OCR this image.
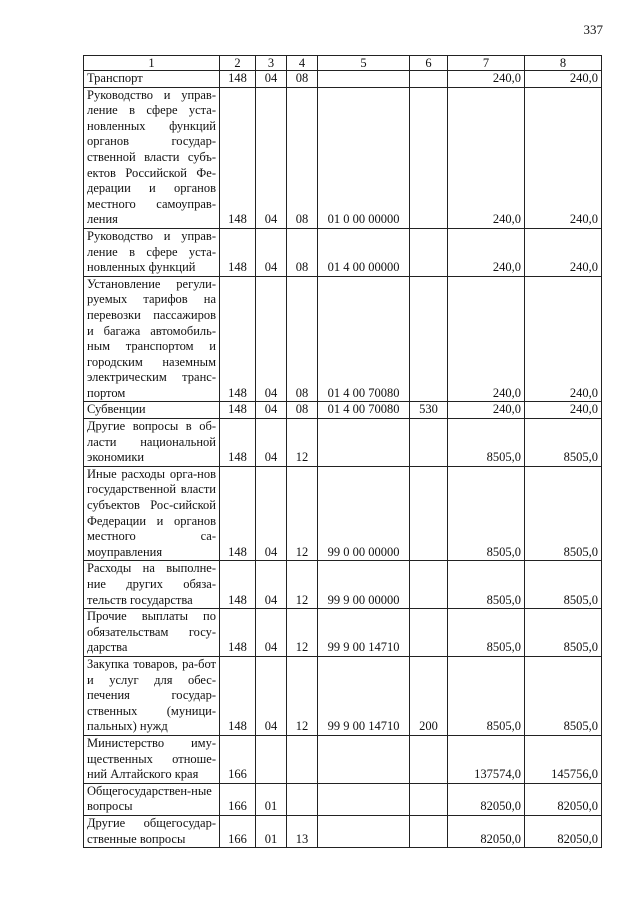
337
1	2	3	4	5	6	7	8
Транспорт	148	04	08			240,0	240,0
Руководство и управ-ление в сфере уста-новленных функций органов государ-ственной власти субъ-ектов Российской Фе-дерации и органов местного самоуправ-ления	148	04	08	01 0 00 00000		240,0	240,0
Руководство и управ-ление в сфере уста-новленных функций	148	04	08	01 4 00 00000		240,0	240,0
Установление регули-руемых тарифов на перевозки пассажиров и багажа автомобиль-ным транспортом и городским наземным электрическим транс-портом	148	04	08	01 4 00 70080		240,0	240,0
Субвенции	148	04	08	01 4 00 70080	530	240,0	240,0
Другие вопросы в об-ласти национальной экономики	148	04	12			8505,0	8505,0
Иные расходы орга-нов государственной власти субъектов Рос-сийской Федерации и органов местного са-моуправления	148	04	12	99 0 00 00000		8505,0	8505,0
Расходы на выполне-ние других обяза-тельств государства	148	04	12	99 9 00 00000		8505,0	8505,0
Прочие выплаты по обязательствам госу-дарства	148	04	12	99 9 00 14710		8505,0	8505,0
Закупка товаров, ра-бот и услуг для обес-печения государ-ственных (муници-пальных) нужд	148	04	12	99 9 00 14710	200	8505,0	8505,0
Министерство иму-щественных отноше-ний Алтайского края	166					137574,0	145756,0
Общегосударствен-ные вопросы	166	01				82050,0	82050,0
Другие общегосудар-ственные вопросы	166	01	13			82050,0	82050,0
